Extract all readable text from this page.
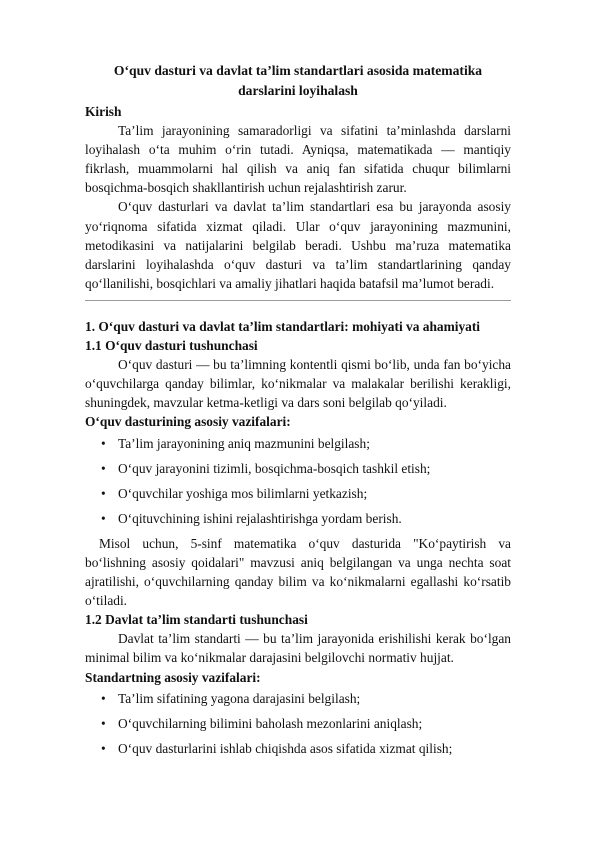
O‘quv dasturi va davlat ta’lim standartlari asosida matematika darslarini loyihalash

Kirish

Ta’lim jarayonining samaradorligi va sifatini ta’minlashda darslarni loyihalash o‘ta muhim o‘rin tutadi. Ayniqsa, matematikada — mantiqiy fikrlash, muammolarni hal qilish va aniq fan sifatida chuqur bilimlarni bosqichma-bosqich shakllantirish uchun rejalashtirish zarur.

O‘quv dasturlari va davlat ta’lim standartlari esa bu jarayonda asosiy yo‘riqnoma sifatida xizmat qiladi. Ular o‘quv jarayonining mazmunini, metodikasini va natijalarini belgilab beradi. Ushbu ma’ruza matematika darslarini loyihalashda o‘quv dasturi va ta’lim standartlarining qanday qo‘llanilishi, bosqichlari va amaliy jihatlari haqida batafsil ma’lumot beradi.

1. O‘quv dasturi va davlat ta’lim standartlari: mohiyati va ahamiyati

1.1 O‘quv dasturi tushunchasi

O‘quv dasturi — bu ta’limning kontentli qismi bo‘lib, unda fan bo‘yicha o‘quvchilarga qanday bilimlar, ko‘nikmalar va malakalar berilishi kerakligi, shuningdek, mavzular ketma-ketligi va dars soni belgilab qo‘yiladi.

O‘quv dasturining asosiy vazifalari:

• Ta’lim jarayonining aniq mazmunini belgilash;
• O‘quv jarayonini tizimli, bosqichma-bosqich tashkil etish;
• O‘quvchilar yoshiga mos bilimlarni yetkazish;
• O‘qituvchining ishini rejalashtirishga yordam berish.

Misol uchun, 5-sinf matematika o‘quv dasturida "Ko‘paytirish va bo‘lishning asosiy qoidalari" mavzusi aniq belgilangan va unga nechta soat ajratilishi, o‘quvchilarning qanday bilim va ko‘nikmalarni egallashi ko‘rsatib o‘tiladi.

1.2 Davlat ta’lim standarti tushunchasi

Davlat ta’lim standarti — bu ta’lim jarayonida erishilishi kerak bo‘lgan minimal bilim va ko‘nikmalar darajasini belgilovchi normativ hujjat.

Standartning asosiy vazifalari:

• Ta’lim sifatining yagona darajasini belgilash;
• O‘quvchilarning bilimini baholash mezonlarini aniqlash;
• O‘quv dasturlarini ishlab chiqishda asos sifatida xizmat qilish;
